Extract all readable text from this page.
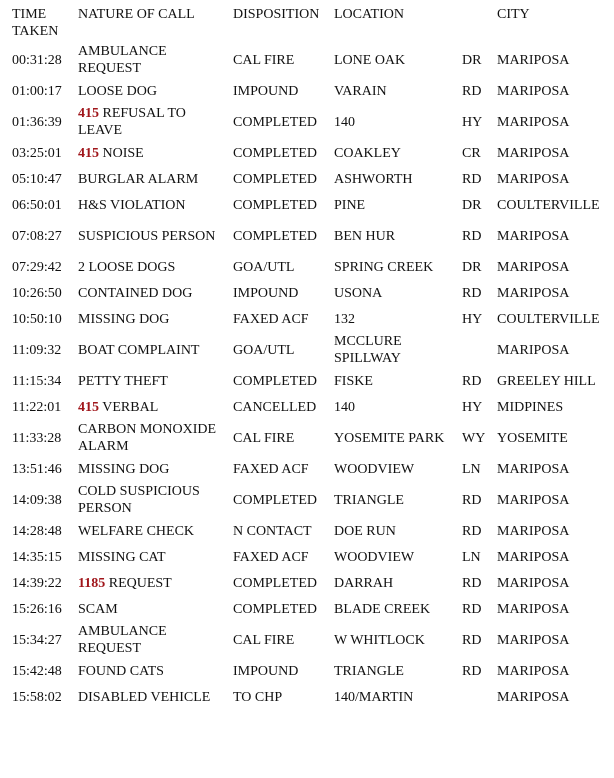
TIME TAKEN	NATURE OF CALL	DISPOSITION	LOCATION		CITY
00:31:28	AMBULANCE REQUEST	CAL FIRE	LONE OAK	DR	MARIPOSA
01:00:17	LOOSE DOG	IMPOUND	VARAIN	RD	MARIPOSA
01:36:39	415 REFUSAL TO LEAVE	COMPLETED	140	HY	MARIPOSA
03:25:01	415 NOISE	COMPLETED	COAKLEY	CR	MARIPOSA
05:10:47	BURGLAR ALARM	COMPLETED	ASHWORTH	RD	MARIPOSA
06:50:01	H&S VIOLATION	COMPLETED	PINE	DR	COULTERVILLE
07:08:27	SUSPICIOUS PERSON	COMPLETED	BEN HUR	RD	MARIPOSA
07:29:42	2 LOOSE DOGS	GOA/UTL	SPRING CREEK	DR	MARIPOSA
10:26:50	CONTAINED DOG	IMPOUND	USONA	RD	MARIPOSA
10:50:10	MISSING DOG	FAXED ACF	132	HY	COULTERVILLE
11:09:32	BOAT COMPLAINT	GOA/UTL	MCCLURE SPILLWAY		MARIPOSA
11:15:34	PETTY THEFT	COMPLETED	FISKE	RD	GREELEY HILL
11:22:01	415 VERBAL	CANCELLED	140	HY	MIDPINES
11:33:28	CARBON MONOXIDE ALARM	CAL FIRE	YOSEMITE PARK	WY	YOSEMITE
13:51:46	MISSING DOG	FAXED ACF	WOODVIEW	LN	MARIPOSA
14:09:38	COLD SUSPICIOUS PERSON	COMPLETED	TRIANGLE	RD	MARIPOSA
14:28:48	WELFARE CHECK	N CONTACT	DOE RUN	RD	MARIPOSA
14:35:15	MISSING CAT	FAXED ACF	WOODVIEW	LN	MARIPOSA
14:39:22	1185 REQUEST	COMPLETED	DARRAH	RD	MARIPOSA
15:26:16	SCAM	COMPLETED	BLADE CREEK	RD	MARIPOSA
15:34:27	AMBULANCE REQUEST	CAL FIRE	W WHITLOCK	RD	MARIPOSA
15:42:48	FOUND CATS	IMPOUND	TRIANGLE	RD	MARIPOSA
15:58:02	DISABLED VEHICLE	TO CHP	140/MARTIN		MARIPOSA
